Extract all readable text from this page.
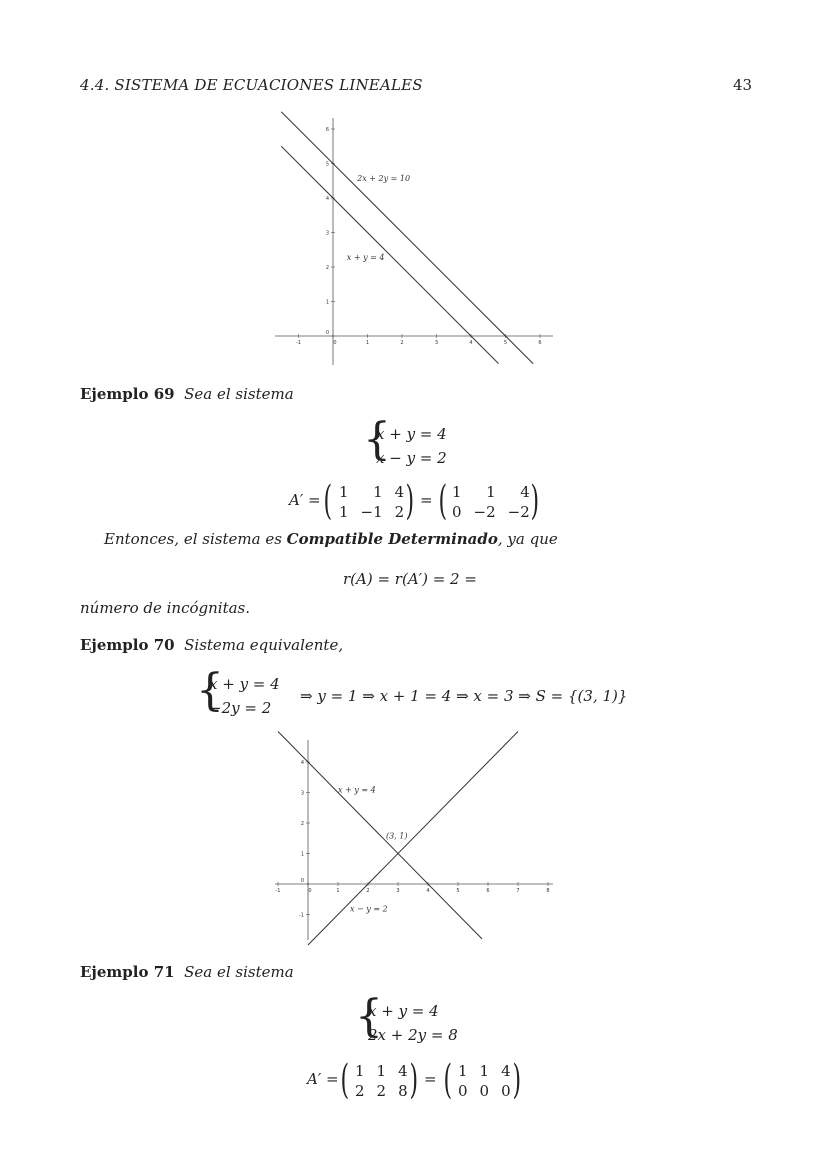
4.4. SISTEMA DE ECUACIONES LINEALES	43
-1	0	1	2	3	4	5	6
0
1
2
3
4
5
6
2x + 2y = 10
x + y = 4
Ejemplo 69 Sea el sistema
{
x + y = 4
x − y = 2
A′ = ( 1	1	4
1	−1	2 ) = ( 1	1	4
0	−2	−2 )
Entonces, el sistema es Compatible Determinado, ya que
r(A) = r(A′) = 2 =
número de incógnitas.
Ejemplo 70 Sistema equivalente,
{
x + y = 4
−2y = 2
⇒ y = 1 ⇒ x + 1 = 4 ⇒ x = 3 ⇒ S = {(3, 1)}
-1	0	1	2	3	4	5	6	7	8
-1
0
1
2
3
4
x + y = 4
x − y = 2
(3, 1)
Ejemplo 71 Sea el sistema
{
x + y = 4
2x + 2y = 8
A′ = ( 1	1	4
2	2	8 ) = ( 1	1	4
0	0	0 )
